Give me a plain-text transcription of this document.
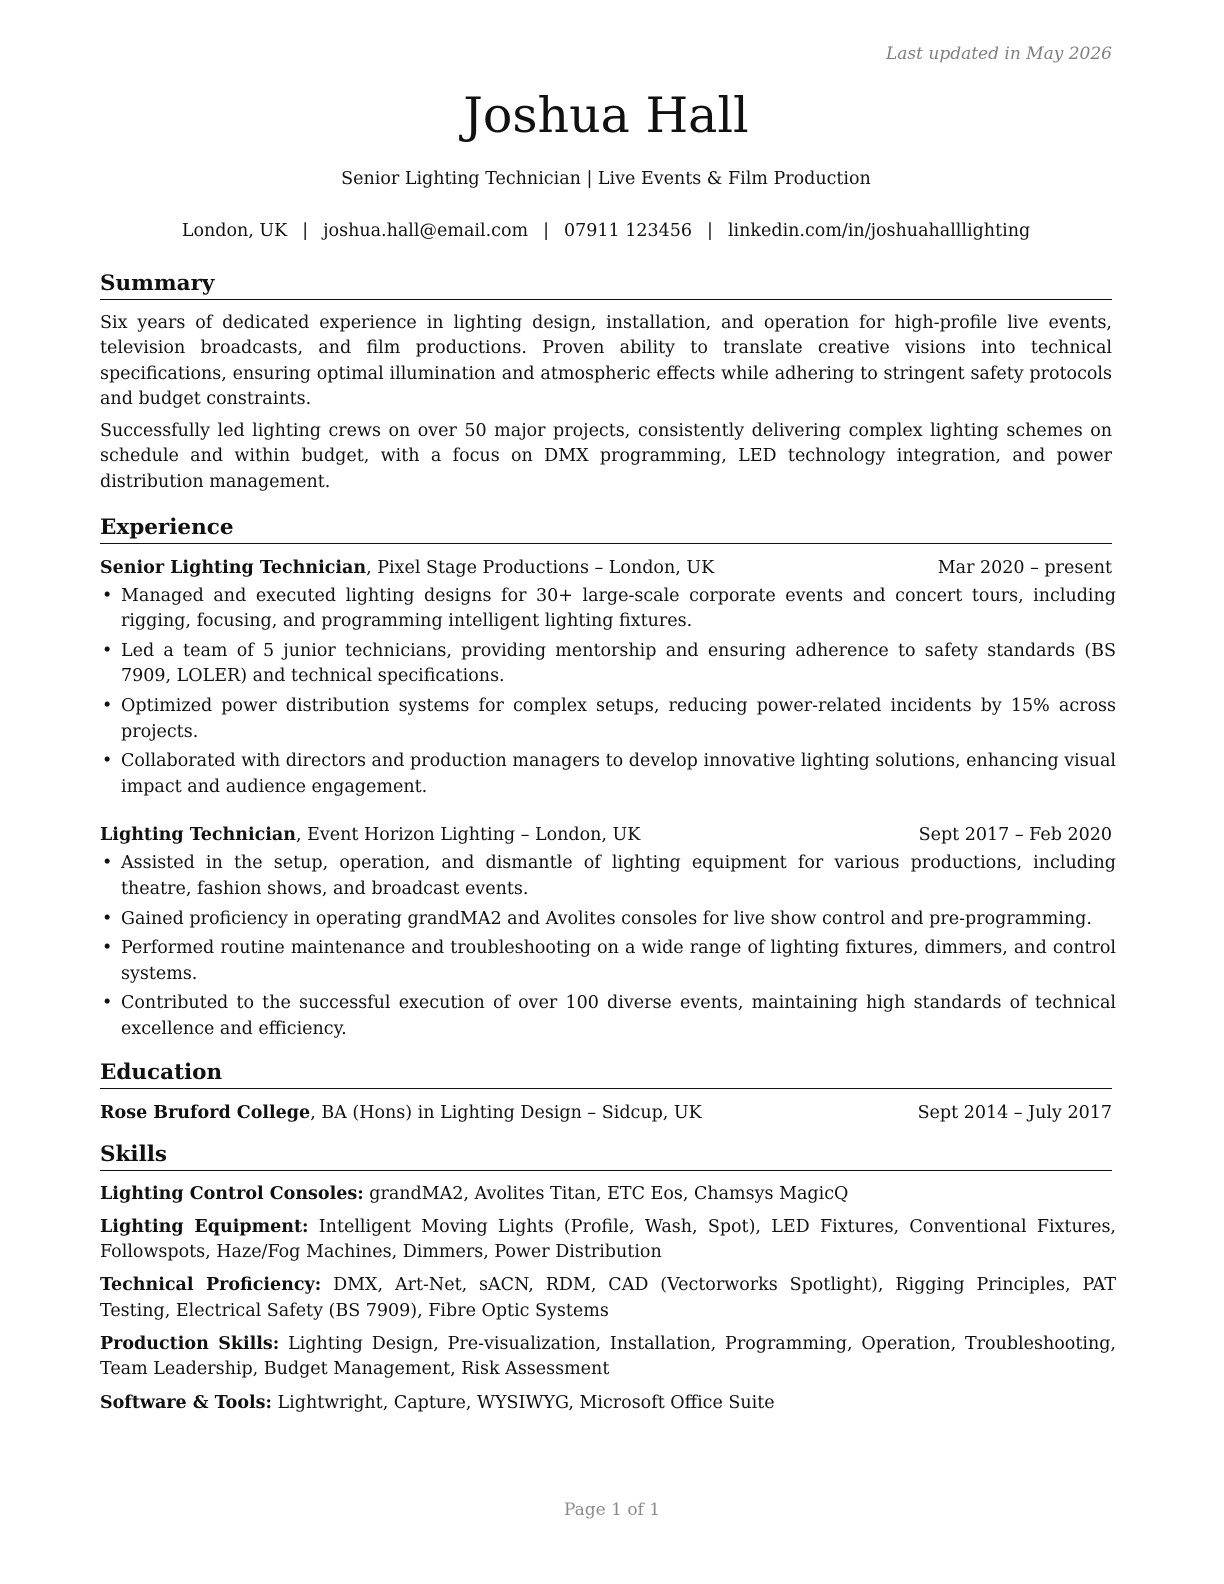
Last updated in May 2026
Joshua Hall
Senior Lighting Technician | Live Events & Film Production
London, UK | joshua.hall@email.com | 07911 123456 | linkedin.com/in/joshuahalllighting
Summary

Six years of dedicated experience in lighting design, installation, and operation for high-profile live events, television broadcasts, and film productions. Proven ability to translate creative visions into technical specifications, ensuring optimal illumination and atmospheric effects while adhering to stringent safety protocols and budget constraints.

Successfully led lighting crews on over 50 major projects, consistently delivering complex lighting schemes on schedule and within budget, with a focus on DMX programming, LED technology integration, and power distribution management.

Experience
Senior Lighting Technician, Pixel Stage Productions – London, UK	Mar 2020 – present
• Managed and executed lighting designs for 30+ large-scale corporate events and concert tours, including rigging, focusing, and programming intelligent lighting fixtures.
• Led a team of 5 junior technicians, providing mentorship and ensuring adherence to safety standards (BS 7909, LOLER) and technical specifications.
• Optimized power distribution systems for complex setups, reducing power-related incidents by 15% across projects.
• Collaborated with directors and production managers to develop innovative lighting solutions, enhancing visual impact and audience engagement.
Lighting Technician, Event Horizon Lighting – London, UK	Sept 2017 – Feb 2020
• Assisted in the setup, operation, and dismantle of lighting equipment for various productions, including theatre, fashion shows, and broadcast events.
• Gained proficiency in operating grandMA2 and Avolites consoles for live show control and pre-programming.
• Performed routine maintenance and troubleshooting on a wide range of lighting fixtures, dimmers, and control systems.
• Contributed to the successful execution of over 100 diverse events, maintaining high standards of technical excellence and efficiency.
Education
Rose Bruford College, BA (Hons) in Lighting Design – Sidcup, UK	Sept 2014 – July 2017
Skills

Lighting Control Consoles: grandMA2, Avolites Titan, ETC Eos, Chamsys MagicQ

Lighting Equipment: Intelligent Moving Lights (Profile, Wash, Spot), LED Fixtures, Conventional Fixtures, Followspots, Haze/Fog Machines, Dimmers, Power Distribution

Technical Proficiency: DMX, Art-Net, sACN, RDM, CAD (Vectorworks Spotlight), Rigging Principles, PAT Testing, Electrical Safety (BS 7909), Fibre Optic Systems

Production Skills: Lighting Design, Pre-visualization, Installation, Programming, Operation, Troubleshooting, Team Leadership, Budget Management, Risk Assessment

Software & Tools: Lightwright, Capture, WYSIWYG, Microsoft Office Suite

Page 1 of 1
